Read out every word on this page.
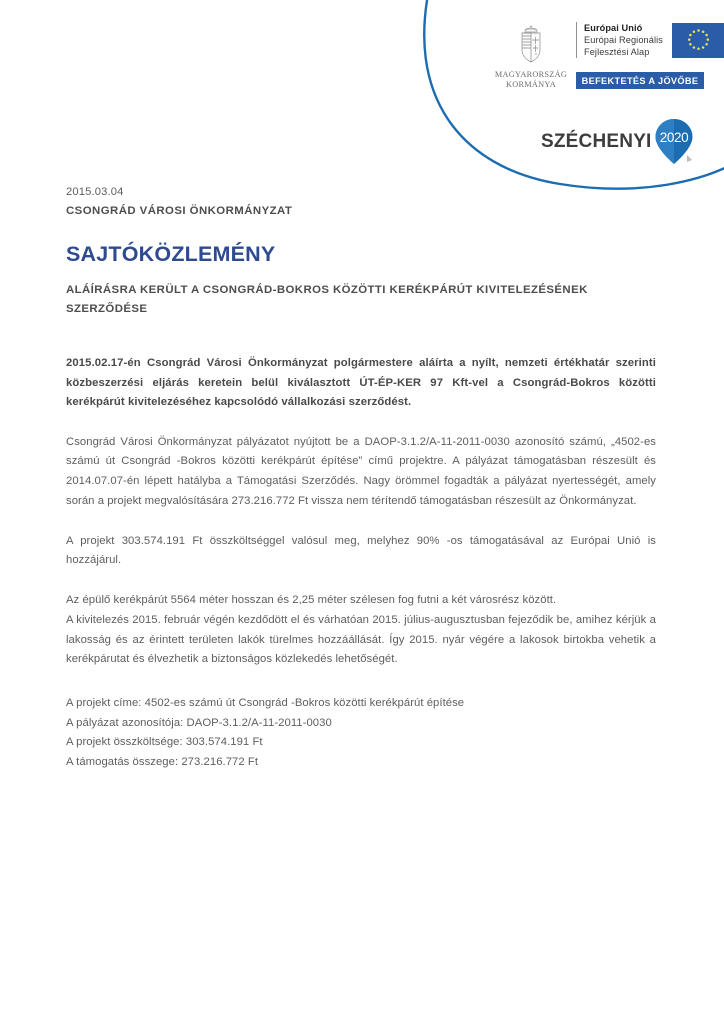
MAGYARORSZÁG
KORMÁNYA
Európai Unió
Európai Regionális
Fejlesztési Alap
BEFEKTETÉS A JÖVŐBE
SZÉCHENYI 2020
2015.03.04
CSONGRÁD VÁROSI ÖNKORMÁNYZAT
SAJTÓKÖZLEMÉNY
ALÁÍRÁSRA KERÜLT A CSONGRÁD-BOKROS KÖZÖTTI KERÉKPÁRÚT KIVITELEZÉSÉNEK SZERZŐDÉSE

2015.02.17-én Csongrád Városi Önkormányzat polgármestere aláírta a nyílt, nemzeti értékhatár szerinti közbeszerzési eljárás keretein belül kiválasztott ÚT-ÉP-KER 97 Kft-vel a Csongrád-Bokros közötti kerékpárút kivitelezéséhez kapcsolódó vállalkozási szerződést.

Csongrád Városi Önkormányzat pályázatot nyújtott be a DAOP-3.1.2/A-11-2011-0030 azonosító számú, „4502-es számú út Csongrád -Bokros közötti kerékpárút építése” című projektre. A pályázat támogatásban részesült és 2014.07.07-én lépett hatályba a Támogatási Szerződés. Nagy örömmel fogadták a pályázat nyertességét, amely során a projekt megvalósítására 273.216.772 Ft vissza nem térítendő támogatásban részesült az Önkormányzat.

A projekt 303.574.191 Ft összköltséggel valósul meg, melyhez 90% -os támogatásával az Európai Unió is hozzájárul.

Az épülő kerékpárút 5564 méter hosszan és 2,25 méter szélesen fog futni a két városrész között.

A kivitelezés 2015. február végén kezdődött el és várhatóan 2015. július-augusztusban fejeződik be, amihez kérjük a lakosság és az érintett területen lakók türelmes hozzáállását. Így 2015. nyár végére a lakosok birtokba vehetik a kerékpárutat és élvezhetik a biztonságos közlekedés lehetőségét.

A projekt címe: 4502-es számú út Csongrád -Bokros közötti kerékpárút építése
A pályázat azonosítója: DAOP-3.1.2/A-11-2011-0030
A projekt összköltsége: 303.574.191 Ft
A támogatás összege: 273.216.772 Ft
